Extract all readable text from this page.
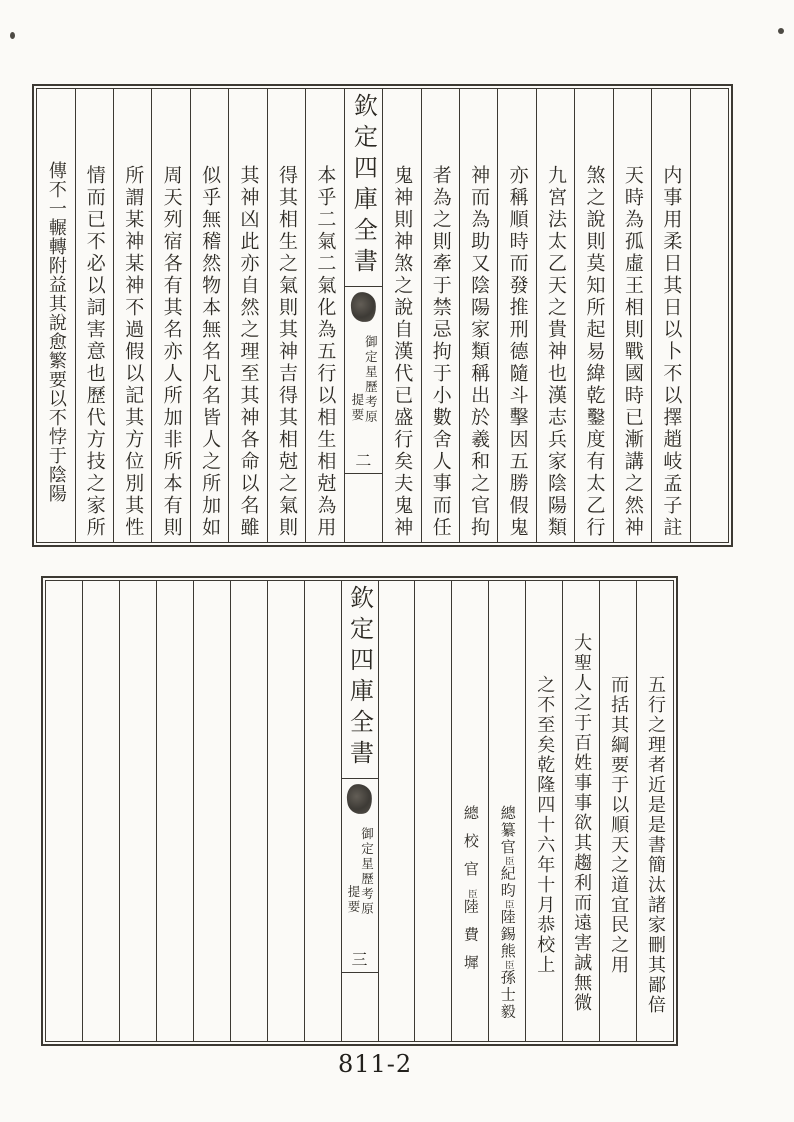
内事用柔日其日以卜不以擇趙岐孟子註
天時為孤虛王相則戰國時已漸講之然神
煞之說則莫知所起易緯乾鑿度有太乙行
九宮法太乙天之貴神也漢志兵家陰陽類
亦稱順時而發推刑德隨斗擊因五勝假鬼
神而為助又陰陽家類稱出於羲和之官拘
者為之則牽于禁忌拘于小數舍人事而任
鬼神則神煞之說自漢代已盛行矣夫鬼神
欽定四庫全書
御定星歷考原
提要
二
本乎二氣二氣化為五行以相生相尅為用
得其相生之氣則其神吉得其相尅之氣則
其神凶此亦自然之理至其神各命以名雖
似乎無稽然物本無名凡名皆人之所加如
周天列宿各有其名亦人所加非所本有則
所謂某神某神不過假以記其方位別其性
情而已不必以詞害意也歷代方技之家所
傳不一輾轉附益其說愈繁要以不悖于陰陽
五行之理者近是是書簡汰諸家刪其鄙倍
而括其綱要于以順天之道宜民之用
大聖人之于百姓事事欲其趨利而遠害誠無微
之不至矣乾隆四十六年十月恭校上
總纂官臣紀昀臣陸錫熊臣孫士毅
總校官臣陸費墀
欽定四庫全書
御定星歷考原
提要
三
811-2
